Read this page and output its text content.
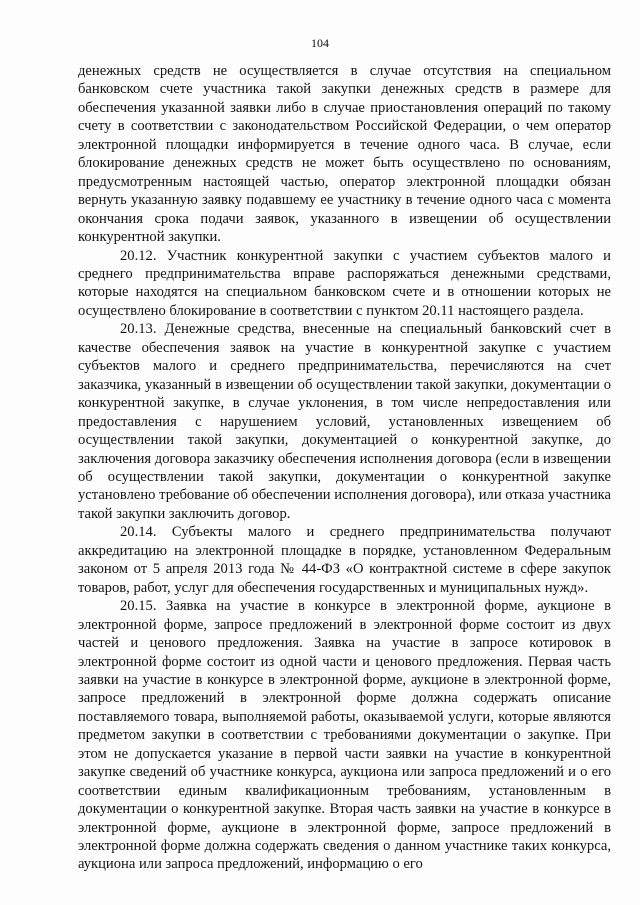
104

денежных средств не осуществляется в случае отсутствия на специальном банковском счете участника такой закупки денежных средств в размере для обеспечения указанной заявки либо в случае приостановления операций по такому счету в соответствии с законодательством Российской Федерации, о чем оператор электронной площадки информируется в течение одного часа. В случае, если блокирование денежных средств не может быть осуществлено по основаниям, предусмотренным настоящей частью, оператор электронной площадки обязан вернуть указанную заявку подавшему ее участнику в течение одного часа с момента окончания срока подачи заявок, указанного в извещении об осуществлении конкурентной закупки.

20.12. Участник конкурентной закупки с участием субъектов малого и среднего предпринимательства вправе распоряжаться денежными средствами, которые находятся на специальном банковском счете и в отношении которых не осуществлено блокирование в соответствии с пунктом 20.11 настоящего раздела.

20.13. Денежные средства, внесенные на специальный банковский счет в качестве обеспечения заявок на участие в конкурентной закупке с участием субъектов малого и среднего предпринимательства, перечисляются на счет заказчика, указанный в извещении об осуществлении такой закупки, документации о конкурентной закупке, в случае уклонения, в том числе непредоставления или предоставления с нарушением условий, установленных извещением об осуществлении такой закупки, документацией о конкурентной закупке, до заключения договора заказчику обеспечения исполнения договора (если в извещении об осуществлении такой закупки, документации о конкурентной закупке установлено требование об обеспечении исполнения договора), или отказа участника такой закупки заключить договор.

20.14. Субъекты малого и среднего предпринимательства получают аккредитацию на электронной площадке в порядке, установленном Федеральным законом от 5 апреля 2013 года № 44-ФЗ «О контрактной системе в сфере закупок товаров, работ, услуг для обеспечения государственных и муниципальных нужд».

20.15. Заявка на участие в конкурсе в электронной форме, аукционе в электронной форме, запросе предложений в электронной форме состоит из двух частей и ценового предложения. Заявка на участие в запросе котировок в электронной форме состоит из одной части и ценового предложения. Первая часть заявки на участие в конкурсе в электронной форме, аукционе в электронной форме, запросе предложений в электронной форме должна содержать описание поставляемого товара, выполняемой работы, оказываемой услуги, которые являются предметом закупки в соответствии с требованиями документации о закупке. При этом не допускается указание в первой части заявки на участие в конкурентной закупке сведений об участнике конкурса, аукциона или запроса предложений и о его соответствии единым квалификационным требованиям, установленным в документации о конкурентной закупке. Вторая часть заявки на участие в конкурсе в электронной форме, аукционе в электронной форме, запросе предложений в электронной форме должна содержать сведения о данном участнике таких конкурса, аукциона или запроса предложений, информацию о его
